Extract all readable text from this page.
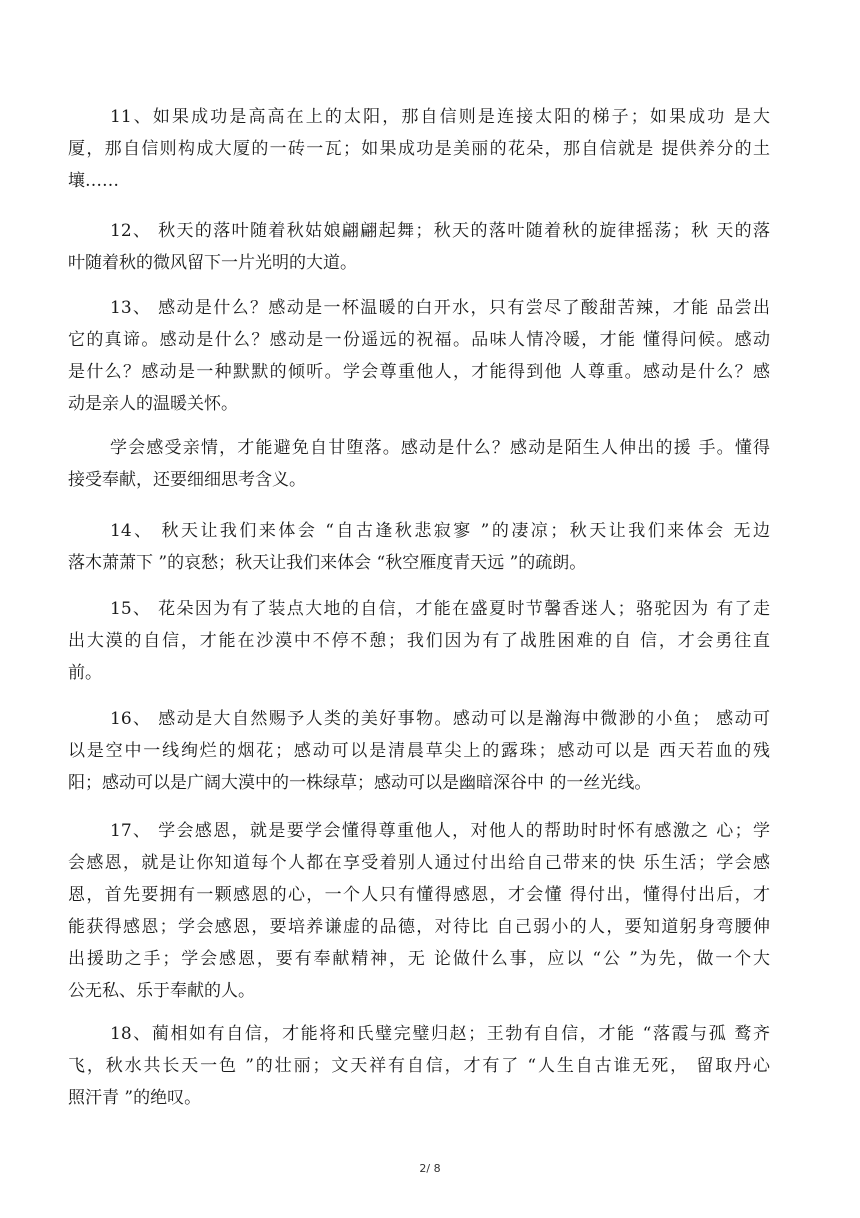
11、如果成功是高高在上的太阳，那自信则是连接太阳的梯子；如果成功 是大
厦，那自信则构成大厦的一砖一瓦；如果成功是美丽的花朵，那自信就是 提供养分的土
壤……
12、 秋天的落叶随着秋姑娘翩翩起舞；秋天的落叶随着秋的旋律摇荡；秋 天的落
叶随着秋的微风留下一片光明的大道。
13、 感动是什么？感动是一杯温暖的白开水，只有尝尽了酸甜苦辣，才能 品尝出
它的真谛。感动是什么？感动是一份遥远的祝福。品味人情冷暖，才能 懂得问候。感动
是什么？感动是一种默默的倾听。学会尊重他人，才能得到他 人尊重。感动是什么？感
动是亲人的温暖关怀。
学会感受亲情，才能避免自甘堕落。感动是什么？感动是陌生人伸出的援 手。懂得
接受奉献，还要细细思考含义。
14、 秋天让我们来体会 “自古逢秋悲寂寥 ”的凄凉；秋天让我们来体会 无边
落木萧萧下 ”的哀愁；秋天让我们来体会 “秋空雁度青天远 ”的疏朗。
15、 花朵因为有了装点大地的自信，才能在盛夏时节馨香迷人；骆驼因为 有了走
出大漠的自信，才能在沙漠中不停不憩；我们因为有了战胜困难的自 信，才会勇往直
前。
16、 感动是大自然赐予人类的美好事物。感动可以是瀚海中微渺的小鱼； 感动可
以是空中一线绚烂的烟花；感动可以是清晨草尖上的露珠；感动可以是 西天若血的残
阳；感动可以是广阔大漠中的一株绿草；感动可以是幽暗深谷中 的一丝光线。
17、 学会感恩，就是要学会懂得尊重他人，对他人的帮助时时怀有感激之 心；学
会感恩，就是让你知道每个人都在享受着别人通过付出给自己带来的快 乐生活；学会感
恩，首先要拥有一颗感恩的心，一个人只有懂得感恩，才会懂 得付出，懂得付出后，才
能获得感恩；学会感恩，要培养谦虚的品德，对待比 自己弱小的人，要知道躬身弯腰伸
出援助之手；学会感恩，要有奉献精神，无 论做什么事，应以 “公 ”为先，做一个大
公无私、乐于奉献的人。
18、蔺相如有自信，才能将和氏璧完璧归赵；王勃有自信，才能 “落霞与孤 鹜齐
飞，秋水共长天一色 ”的壮丽；文天祥有自信，才有了 “人生自古谁无死， 留取丹心
照汗青 ”的绝叹。
2/ 8
